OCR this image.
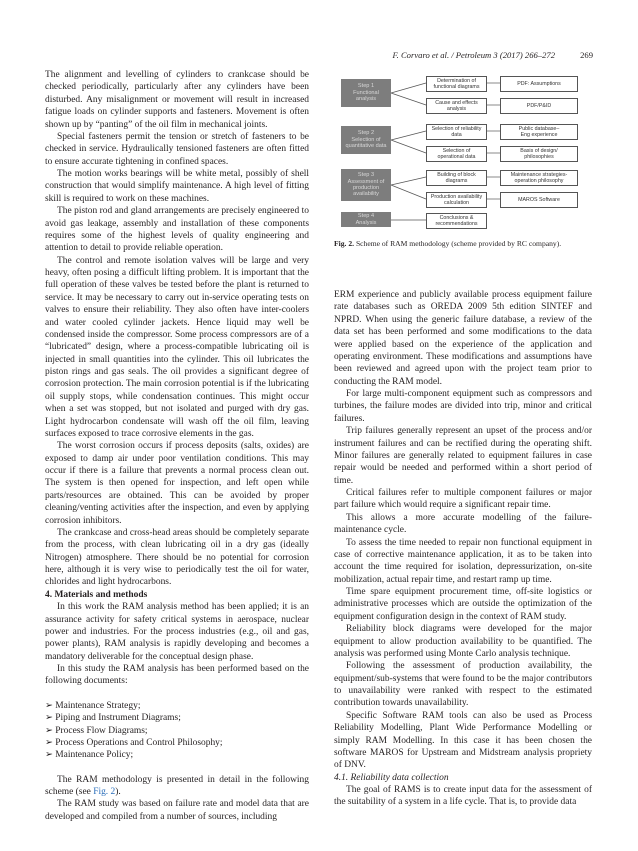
F. Corvaro et al. / Petroleum 3 (2017) 266–272	269

The alignment and levelling of cylinders to crankcase should be checked periodically, particularly after any cylinders have been disturbed. Any misalignment or movement will result in increased fatigue loads on cylinder supports and fasteners. Movement is often shown up by “panting” of the oil film in mechanical joints.

Special fasteners permit the tension or stretch of fasteners to be checked in service. Hydraulically tensioned fasteners are often fitted to ensure accurate tightening in confined spaces.

The motion works bearings will be white metal, possibly of shell construction that would simplify maintenance. A high level of fitting skill is required to work on these machines.

The piston rod and gland arrangements are precisely engineered to avoid gas leakage, assembly and installation of these components requires some of the highest levels of quality engineering and attention to detail to provide reliable operation.

The control and remote isolation valves will be large and very heavy, often posing a difficult lifting problem. It is important that the full operation of these valves be tested before the plant is returned to service. It may be necessary to carry out in-service operating tests on valves to ensure their reliability. They also often have inter-coolers and water cooled cylinder jackets. Hence liquid may well be condensed inside the compressor. Some process compressors are of a “lubricated” design, where a process-compatible lubricating oil is injected in small quantities into the cylinder. This oil lubricates the piston rings and gas seals. The oil provides a significant degree of corrosion protection. The main corrosion potential is if the lubricating oil supply stops, while condensation continues. This might occur when a set was stopped, but not isolated and purged with dry gas. Light hydrocarbon condensate will wash off the oil film, leaving surfaces exposed to trace corrosive elements in the gas.

The worst corrosion occurs if process deposits (salts, oxides) are exposed to damp air under poor ventilation conditions. This may occur if there is a failure that prevents a normal process clean out. The system is then opened for inspection, and left open while parts/resources are obtained. This can be avoided by proper cleaning/venting activities after the inspection, and even by applying corrosion inhibitors.

The crankcase and cross-head areas should be completely separate from the process, with clean lubricating oil in a dry gas (ideally Nitrogen) atmosphere. There should be no potential for corrosion here, although it is very wise to periodically test the oil for water, chlorides and light hydrocarbons.

4. Materials and methods

In this work the RAM analysis method has been applied; it is an assurance activity for safety critical systems in aerospace, nuclear power and industries. For the process industries (e.g., oil and gas, power plants), RAM analysis is rapidly developing and becomes a mandatory deliverable for the conceptual design phase.

In this study the RAM analysis has been performed based on the following documents:

➢ Maintenance Strategy;
➢ Piping and Instrument Diagrams;
➢ Process Flow Diagrams;
➢ Process Operations and Control Philosophy;
➢ Maintenance Policy;

The RAM methodology is presented in detail in the following scheme (see Fig. 2).

The RAM study was based on failure rate and model data that are developed and compiled from a number of sources, including

Step 1
Functional
analysis
Step 2
Selection of
quantitative data
Step 3
Assessment of
production
availability
Step 4
Analysis
Determination of
functional diagrams
Cause and effects
analysis
Selection of reliability
data
Selection of
operational data
Building of block
diagrams
Production availability
calculation
Conclusions &
recommendations
PDF: Assumptions
PDF/P&ID
Public database–
Eng experience
Basis of design/
philosophies
Maintenance strategies-
operation philosophy
MAROS Software
Fig. 2. Scheme of RAM methodology (scheme provided by RC company).

ERM experience and publicly available process equipment failure rate databases such as OREDA 2009 5th edition SINTEF and NPRD. When using the generic failure database, a review of the data set has been performed and some modifications to the data were applied based on the experience of the application and operating environment. These modifications and assumptions have been reviewed and agreed upon with the project team prior to conducting the RAM model.

For large multi-component equipment such as compressors and turbines, the failure modes are divided into trip, minor and critical failures.

Trip failures generally represent an upset of the process and/or instrument failures and can be rectified during the operating shift. Minor failures are generally related to equipment failures in case repair would be needed and performed within a short period of time.

Critical failures refer to multiple component failures or major part failure which would require a significant repair time.

This allows a more accurate modelling of the failure-maintenance cycle.

To assess the time needed to repair non functional equipment in case of corrective maintenance application, it as to be taken into account the time required for isolation, depressurization, on-site mobilization, actual repair time, and restart ramp up time.

Time spare equipment procurement time, off-site logistics or administrative processes which are outside the optimization of the equipment configuration design in the context of RAM study.

Reliability block diagrams were developed for the major equipment to allow production availability to be quantified. The analysis was performed using Monte Carlo analysis technique.

Following the assessment of production availability, the equipment/sub-systems that were found to be the major contributors to unavailability were ranked with respect to the estimated contribution towards unavailability.

Specific Software RAM tools can also be used as Process Reliability Modelling, Plant Wide Performance Modelling or simply RAM Modelling. In this case it has been chosen the software MAROS for Upstream and Midstream analysis propriety of DNV.

4.1. Reliability data collection

The goal of RAMS is to create input data for the assessment of the suitability of a system in a life cycle. That is, to provide data
